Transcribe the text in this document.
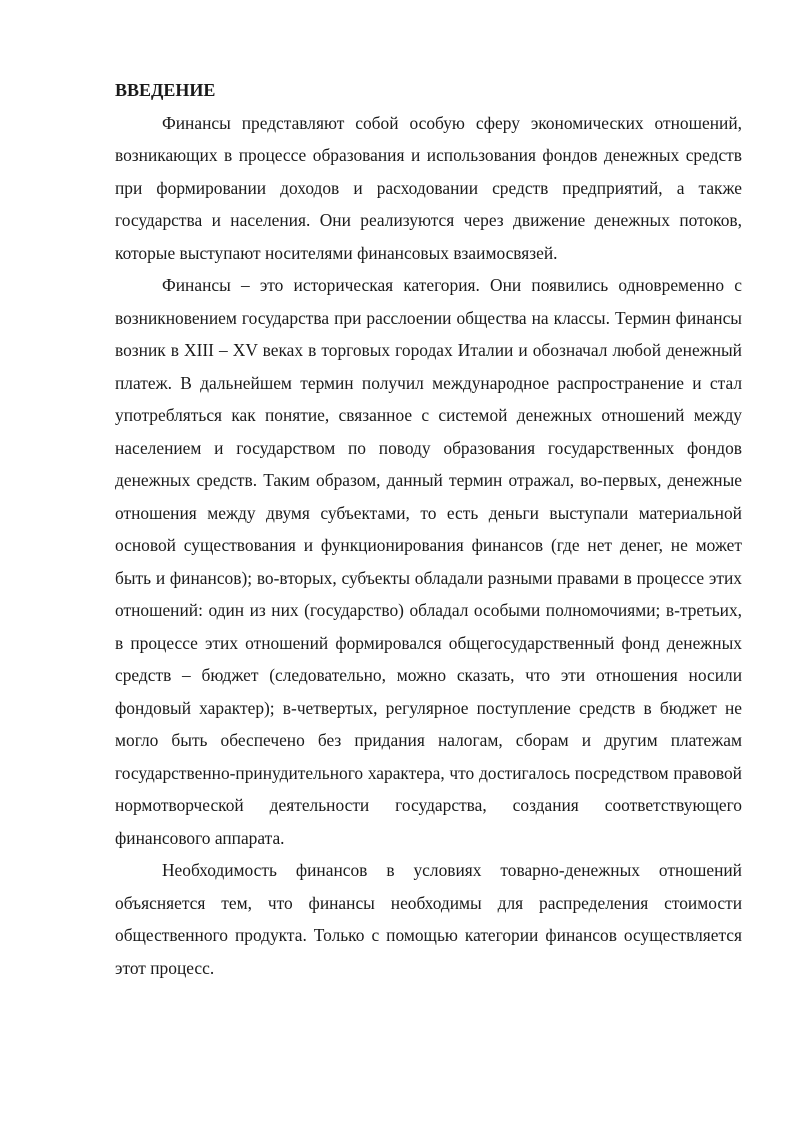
ВВЕДЕНИЕ

Финансы представляют собой особую сферу экономических отношений, возникающих в процессе образования и использования фондов денежных средств при формировании доходов и расходовании средств предприятий, а также государства и населения. Они реализуются через движение денежных потоков, которые выступают носителями финансовых взаимосвязей.

Финансы – это историческая категория. Они появились одновременно с возникновением государства при расслоении общества на классы. Термин финансы возник в XIII – XV веках в торговых городах Италии и обозначал любой денежный платеж. В дальнейшем термин получил международное распространение и стал употребляться как понятие, связанное с системой денежных отношений между населением и государством по поводу образования государственных фондов денежных средств. Таким образом, данный термин отражал, во-первых, денежные отношения между двумя субъектами, то есть деньги выступали материальной основой существования и функционирования финансов (где нет денег, не может быть и финансов); во-вторых, субъекты обладали разными правами в процессе этих отношений: один из них (государство) обладал особыми полномочиями; в-третьих, в процессе этих отношений формировался общегосударственный фонд денежных средств – бюджет (следовательно, можно сказать, что эти отношения носили фондовый характер); в-четвертых, регулярное поступление средств в бюджет не могло быть обеспечено без придания налогам, сборам и другим платежам государственно-принудительного характера, что достигалось посредством правовой нормотворческой деятельности государства, создания соответствующего финансового аппарата.

Необходимость финансов в условиях товарно-денежных отношений объясняется тем, что финансы необходимы для распределения стоимости общественного продукта. Только с помощью категории финансов осуществляется этот процесс.
